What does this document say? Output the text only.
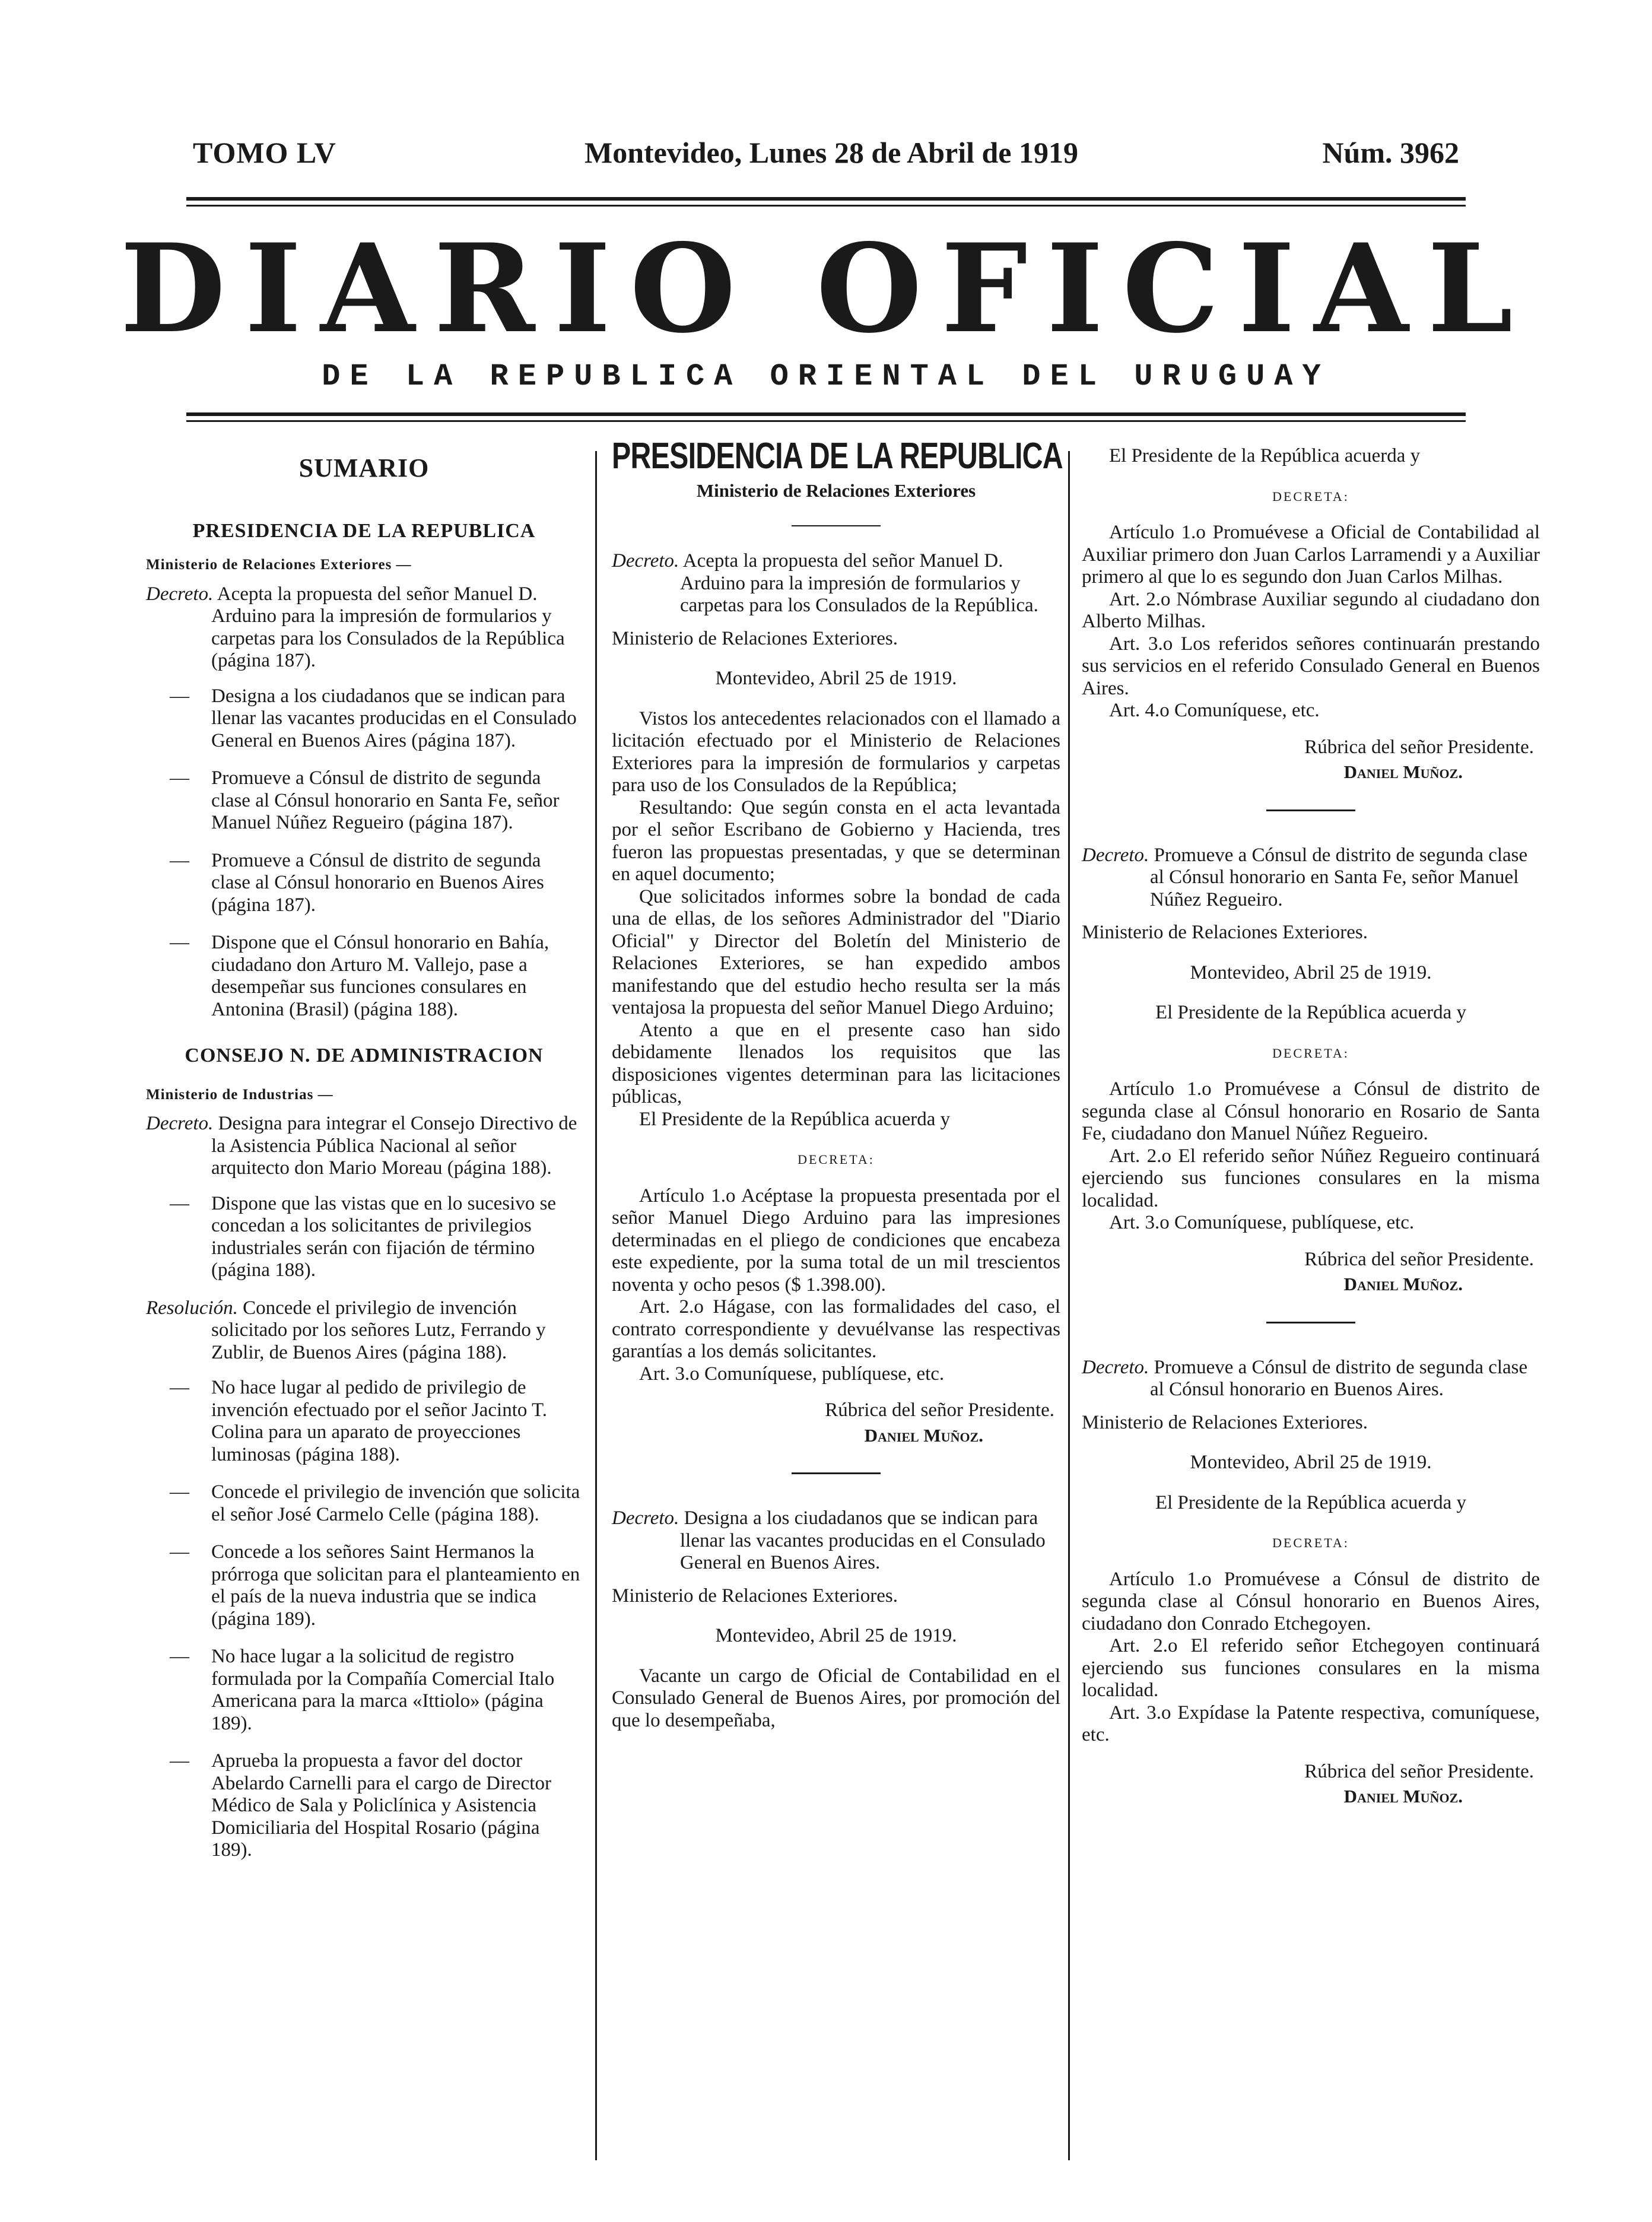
TOMO LV	Montevideo, Lunes 28 de Abril de 1919	Núm. 3962
DIARIO OFICIAL
DE LA REPUBLICA ORIENTAL DEL URUGUAY
SUMARIO
PRESIDENCIA DE LA REPUBLICA
Ministerio de Relaciones Exteriores —
Decreto. Acepta la propuesta del señor Manuel D. Arduino para la impresión de formularios y carpetas para los Consulados de la República (página 187).
— Designa a los ciudadanos que se indican para llenar las vacantes producidas en el Consulado General en Buenos Aires (página 187).
— Promueve a Cónsul de distrito de segunda clase al Cónsul honorario en Santa Fe, señor Manuel Núñez Regueiro (página 187).
— Promueve a Cónsul de distrito de segunda clase al Cónsul honorario en Buenos Aires (página 187).
— Dispone que el Cónsul honorario en Bahía, ciudadano don Arturo M. Vallejo, pase a desempeñar sus funciones consulares en Antonina (Brasil) (página 188).
CONSEJO N. DE ADMINISTRACION
Ministerio de Industrias —
Decreto. Designa para integrar el Consejo Directivo de la Asistencia Pública Nacional al señor arquitecto don Mario Moreau (página 188).
— Dispone que las vistas que en lo sucesivo se concedan a los solicitantes de privilegios industriales serán con fijación de término (página 188).
Resolución. Concede el privilegio de invención solicitado por los señores Lutz, Ferrando y Zublir, de Buenos Aires (página 188).
— No hace lugar al pedido de privilegio de invención efectuado por el señor Jacinto T. Colina para un aparato de proyecciones luminosas (página 188).
— Concede el privilegio de invención que solicita el señor José Carmelo Celle (página 188).
— Concede a los señores Saint Hermanos la prórroga que solicitan para el planteamiento en el país de la nueva industria que se indica (página 189).
— No hace lugar a la solicitud de registro formulada por la Compañía Comercial Italo Americana para la marca «Ittiolo» (página 189).
— Aprueba la propuesta a favor del doctor Abelardo Carnelli para el cargo de Director Médico de Sala y Policlínica y Asistencia Domiciliaria del Hospital Rosario (página 189).
PRESIDENCIA DE LA REPUBLICA
Ministerio de Relaciones Exteriores

Decreto. Acepta la propuesta del señor Manuel D. Arduino para la impresión de formularios y carpetas para los Consulados de la República.

Ministerio de Relaciones Exteriores.

Montevideo, Abril 25 de 1919.

Vistos los antecedentes relacionados con el llamado a licitación efectuado por el Ministerio de Relaciones Exteriores para la impresión de formularios y carpetas para uso de los Consulados de la República;

Resultando: Que según consta en el acta levantada por el señor Escribano de Gobierno y Hacienda, tres fueron las propuestas presentadas, y que se determinan en aquel documento;

Que solicitados informes sobre la bondad de cada una de ellas, de los señores Administrador del "Diario Oficial" y Director del Boletín del Ministerio de Relaciones Exteriores, se han expedido ambos manifestando que del estudio hecho resulta ser la más ventajosa la propuesta del señor Manuel Diego Arduino;

Atento a que en el presente caso han sido debidamente llenados los requisitos que las disposiciones vigentes determinan para las licitaciones públicas,

El Presidente de la República acuerda y

DECRETA:

Artículo 1.o Acéptase la propuesta presentada por el señor Manuel Diego Arduino para las impresiones determinadas en el pliego de condiciones que encabeza este expediente, por la suma total de un mil trescientos noventa y ocho pesos ($ 1.398.00).

Art. 2.o Hágase, con las formalidades del caso, el contrato correspondiente y devuélvanse las respectivas garantías a los demás solicitantes.

Art. 3.o Comuníquese, publíquese, etc.

Rúbrica del señor Presidente.

Daniel Muñoz.

Decreto. Designa a los ciudadanos que se indican para llenar las vacantes producidas en el Consulado General en Buenos Aires.

Ministerio de Relaciones Exteriores.

Montevideo, Abril 25 de 1919.

Vacante un cargo de Oficial de Contabilidad en el Consulado General de Buenos Aires, por promoción del que lo desempeñaba,

El Presidente de la República acuerda y

DECRETA:

Artículo 1.o Promuévese a Oficial de Contabilidad al Auxiliar primero don Juan Carlos Larramendi y a Auxiliar primero al que lo es segundo don Juan Carlos Milhas.

Art. 2.o Nómbrase Auxiliar segundo al ciudadano don Alberto Milhas.

Art. 3.o Los referidos señores continuarán prestando sus servicios en el referido Consulado General en Buenos Aires.

Art. 4.o Comuníquese, etc.

Rúbrica del señor Presidente.

Daniel Muñoz.

Decreto. Promueve a Cónsul de distrito de segunda clase al Cónsul honorario en Santa Fe, señor Manuel Núñez Regueiro.

Ministerio de Relaciones Exteriores.

Montevideo, Abril 25 de 1919.

El Presidente de la República acuerda y

DECRETA:

Artículo 1.o Promuévese a Cónsul de distrito de segunda clase al Cónsul honorario en Rosario de Santa Fe, ciudadano don Manuel Núñez Regueiro.

Art. 2.o El referido señor Núñez Regueiro continuará ejerciendo sus funciones consulares en la misma localidad.

Art. 3.o Comuníquese, publíquese, etc.

Rúbrica del señor Presidente.

Daniel Muñoz.

Decreto. Promueve a Cónsul de distrito de segunda clase al Cónsul honorario en Buenos Aires.

Ministerio de Relaciones Exteriores.

Montevideo, Abril 25 de 1919.

El Presidente de la República acuerda y

DECRETA:

Artículo 1.o Promuévese a Cónsul de distrito de segunda clase al Cónsul honorario en Buenos Aires, ciudadano don Conrado Etchegoyen.

Art. 2.o El referido señor Etchegoyen continuará ejerciendo sus funciones consulares en la misma localidad.

Art. 3.o Expídase la Patente respectiva, comuníquese, etc.

Rúbrica del señor Presidente.

Daniel Muñoz.
